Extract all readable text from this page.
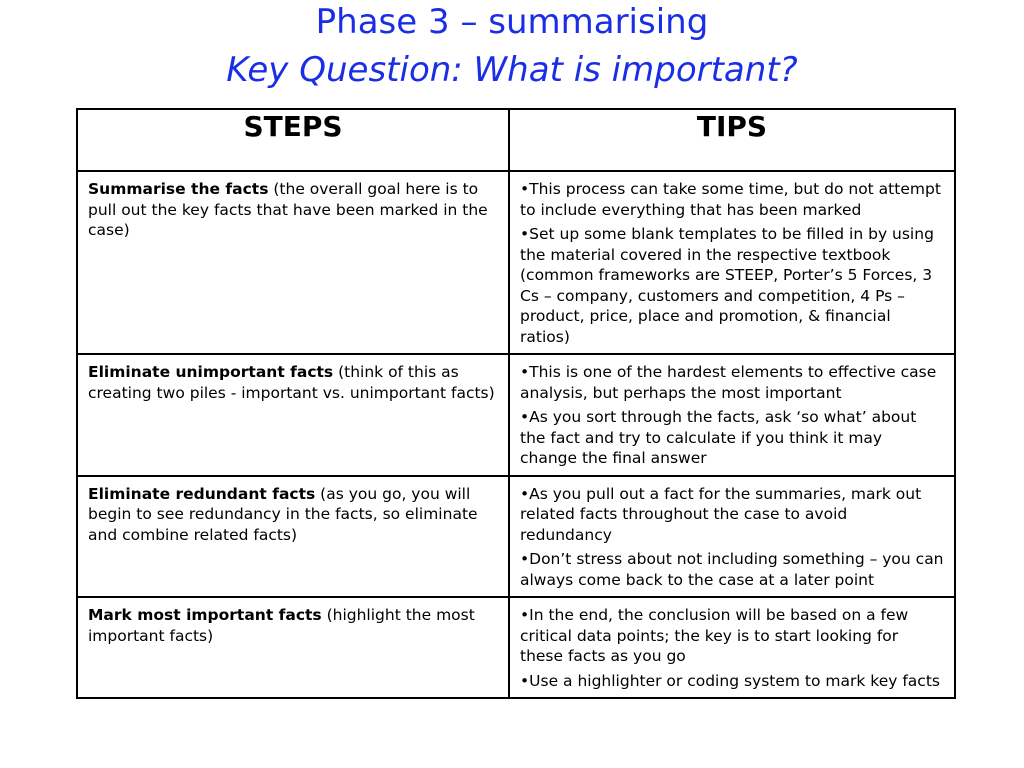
Phase 3 – summarising
Key Question: What is important?
STEPS	TIPS
Summarise the facts (the overall goal here is to pull out the key facts that have been marked in the case)	•This process can take some time, but do not attempt to include everything that has been marked
•Set up some blank templates to be filled in by using the material covered in the respective textbook (common frameworks are STEEP, Porter’s 5 Forces, 3 Cs – company, customers and competition, 4 Ps – product, price, place and promotion, & financial ratios)

Eliminate unimportant facts (think of this as creating two piles - important vs. unimportant facts)	•This is one of the hardest elements to effective case analysis, but perhaps the most important
•As you sort through the facts, ask ‘so what’ about the fact and try to calculate if you think it may change the final answer

Eliminate redundant facts (as you go, you will begin to see redundancy in the facts, so eliminate and combine related facts)	•As you pull out a fact for the summaries, mark out related facts throughout the case to avoid redundancy
•Don’t stress about not including something – you can always come back to the case at a later point

Mark most important facts (highlight the most important facts)	•In the end, the conclusion will be based on a few critical data points; the key is to start looking for these facts as you go
•Use a highlighter or coding system to mark key facts
